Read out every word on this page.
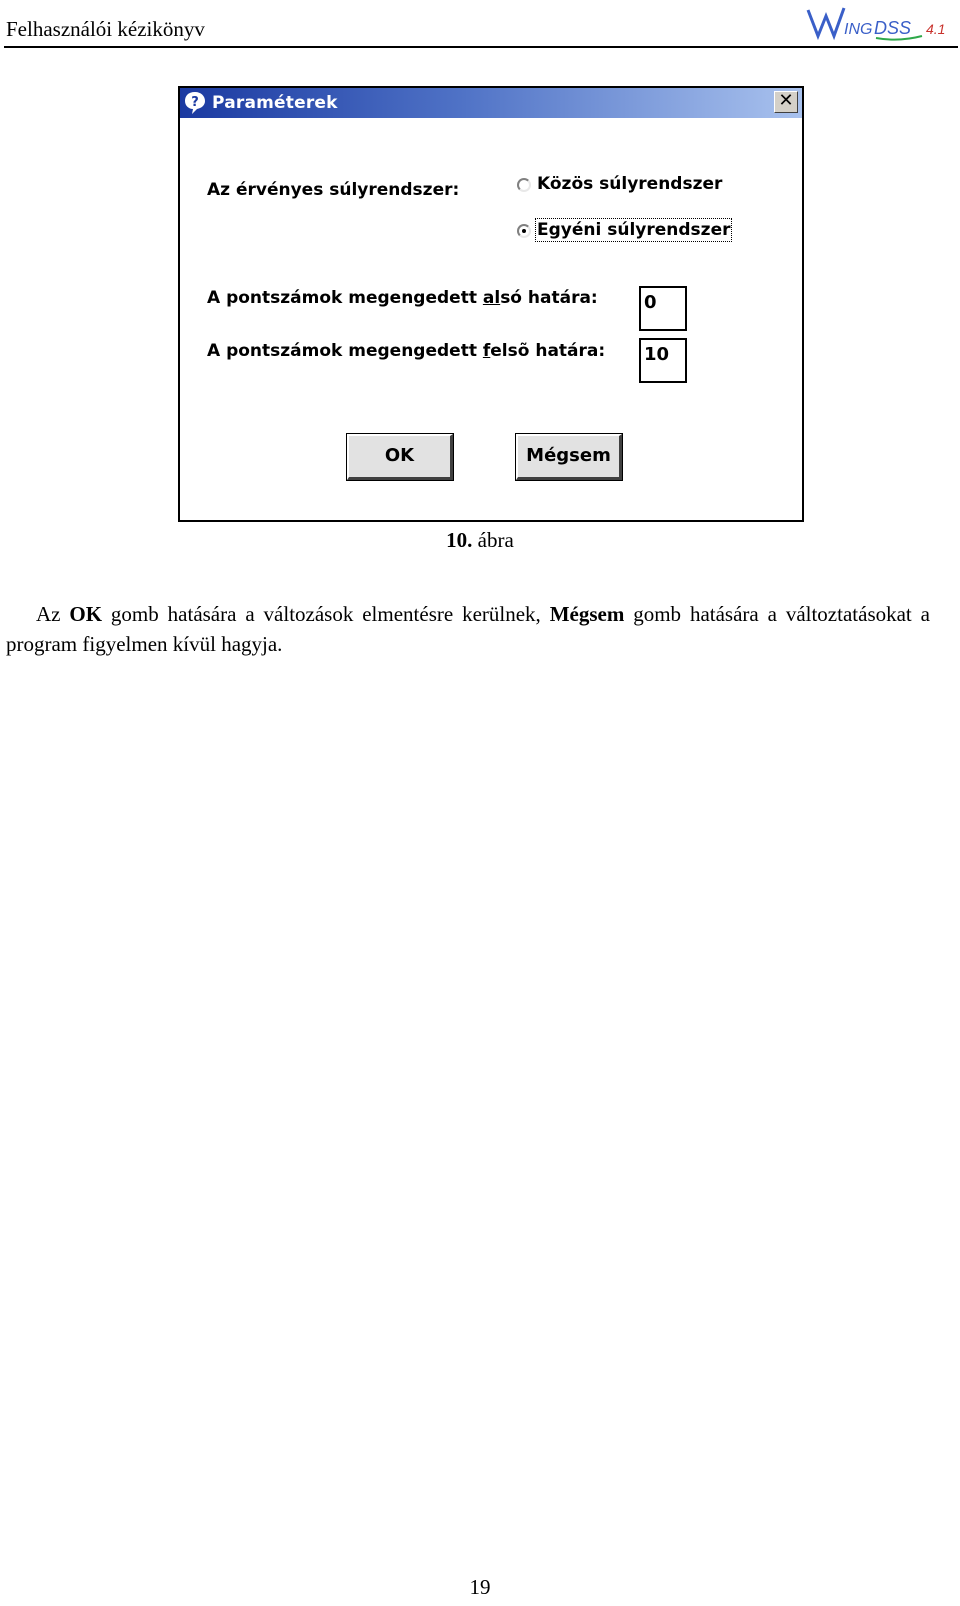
Felhasználói kézikönyv	ING DSS 4.1
? Paraméterek	✕
Az érvényes súlyrendszer:	Közös súlyrendszer
Egyéni súlyrendszer
A pontszámok megengedett alsó határa:	0
A pontszámok megengedett felsõ határa: 10
OK	Mégsem
10. ábra

Az OK gomb hatására a változások elmentésre kerülnek, Mégsem gomb hatására a változtatásokat a program figyelmen kívül hagyja.

19
